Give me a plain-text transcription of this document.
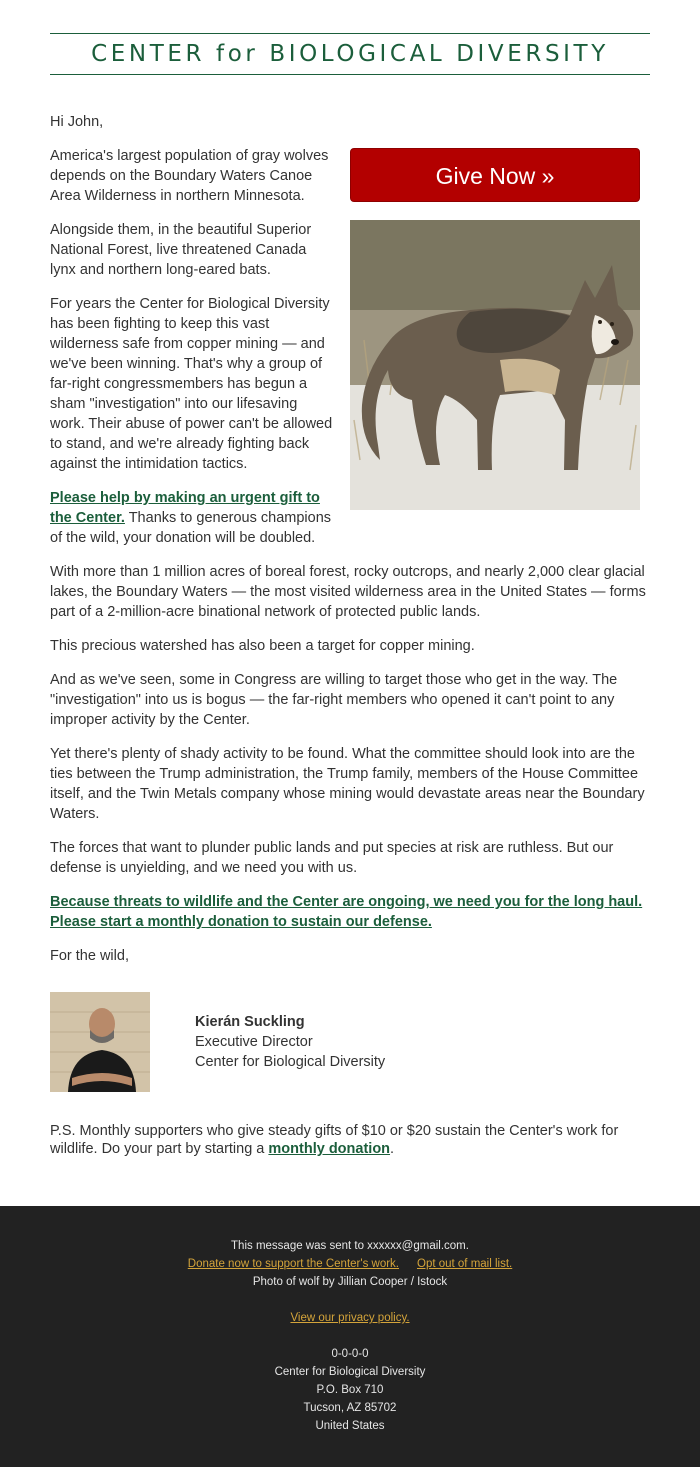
CENTER for BIOLOGICAL DIVERSITY

Hi John,

Give Now »

America's largest population of gray wolves depends on the Boundary Waters Canoe Area Wilderness in northern Minnesota.

Alongside them, in the beautiful Superior National Forest, live threatened Canada lynx and northern long-eared bats.

For years the Center for Biological Diversity has been fighting to keep this vast wilderness safe from copper mining — and we've been winning. That's why a group of far-right congressmembers has begun a sham "investigation" into our lifesaving work. Their abuse of power can't be allowed to stand, and we're already fighting back against the intimidation tactics.

Please help by making an urgent gift to the Center. Thanks to generous champions of the wild, your donation will be doubled.

With more than 1 million acres of boreal forest, rocky outcrops, and nearly 2,000 clear glacial lakes, the Boundary Waters — the most visited wilderness area in the United States — forms part of a 2-million-acre binational network of protected public lands.

This precious watershed has also been a target for copper mining.

And as we've seen, some in Congress are willing to target those who get in the way. The "investigation" into us is bogus — the far-right members who opened it can't point to any improper activity by the Center.

Yet there's plenty of shady activity to be found. What the committee should look into are the ties between the Trump administration, the Trump family, members of the House Committee itself, and the Twin Metals company whose mining would devastate areas near the Boundary Waters.

The forces that want to plunder public lands and put species at risk are ruthless. But our defense is unyielding, and we need you with us.

Because threats to wildlife and the Center are ongoing, we need you for the long haul. Please start a monthly donation to sustain our defense.

For the wild,

Kierán Suckling
Executive Director
Center for Biological Diversity

P.S. Monthly supporters who give steady gifts of $10 or $20 sustain the Center's work for wildlife. Do your part by starting a monthly donation.

This message was sent to xxxxxx@gmail.com.
Donate now to support the Center's work. Opt out of mail list.
Photo of wolf by Jillian Cooper / Istock
View our privacy policy.
0-0-0-0
Center for Biological Diversity
P.O. Box 710
Tucson, AZ 85702
United States
